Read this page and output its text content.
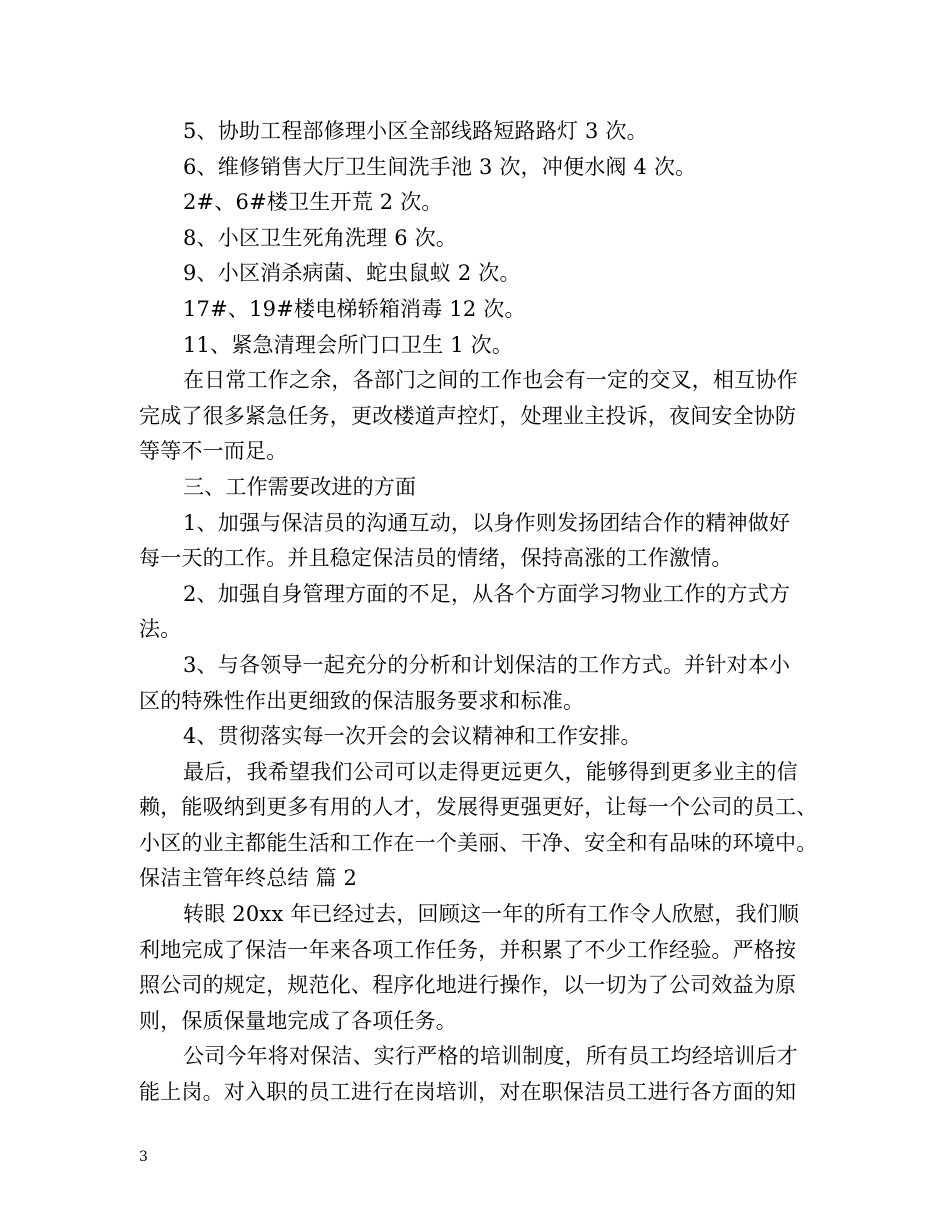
5、协助工程部修理小区全部线路短路路灯 3 次。
6、维修销售大厅卫生间洗手池 3 次，冲便水阀 4 次。
2#、6#楼卫生开荒 2 次。
8、小区卫生死角洗理 6 次。
9、小区消杀病菌、蛇虫鼠蚁 2 次。
17#、19#楼电梯轿箱消毒 12 次。
11、紧急清理会所门口卫生 1 次。
在日常工作之余，各部门之间的工作也会有一定的交叉，相互协作
完成了很多紧急任务，更改楼道声控灯，处理业主投诉，夜间安全协防
等等不一而足。
三、工作需要改进的方面
1、加强与保洁员的沟通互动，以身作则发扬团结合作的精神做好
每一天的工作。并且稳定保洁员的情绪，保持高涨的工作激情。
2、加强自身管理方面的不足，从各个方面学习物业工作的方式方
法。
3、与各领导一起充分的分析和计划保洁的工作方式。并针对本小
区的特殊性作出更细致的保洁服务要求和标准。
4、贯彻落实每一次开会的会议精神和工作安排。
最后，我希望我们公司可以走得更远更久，能够得到更多业主的信
赖，能吸纳到更多有用的人才，发展得更强更好，让每一个公司的员工、
小区的业主都能生活和工作在一个美丽、干净、安全和有品味的环境中。
保洁主管年终总结 篇 2
转眼 20xx 年已经过去，回顾这一年的所有工作令人欣慰，我们顺
利地完成了保洁一年来各项工作任务，并积累了不少工作经验。严格按
照公司的规定，规范化、程序化地进行操作，以一切为了公司效益为原
则，保质保量地完成了各项任务。
公司今年将对保洁、实行严格的培训制度，所有员工均经培训后才
能上岗。对入职的员工进行在岗培训，对在职保洁员工进行各方面的知
3
